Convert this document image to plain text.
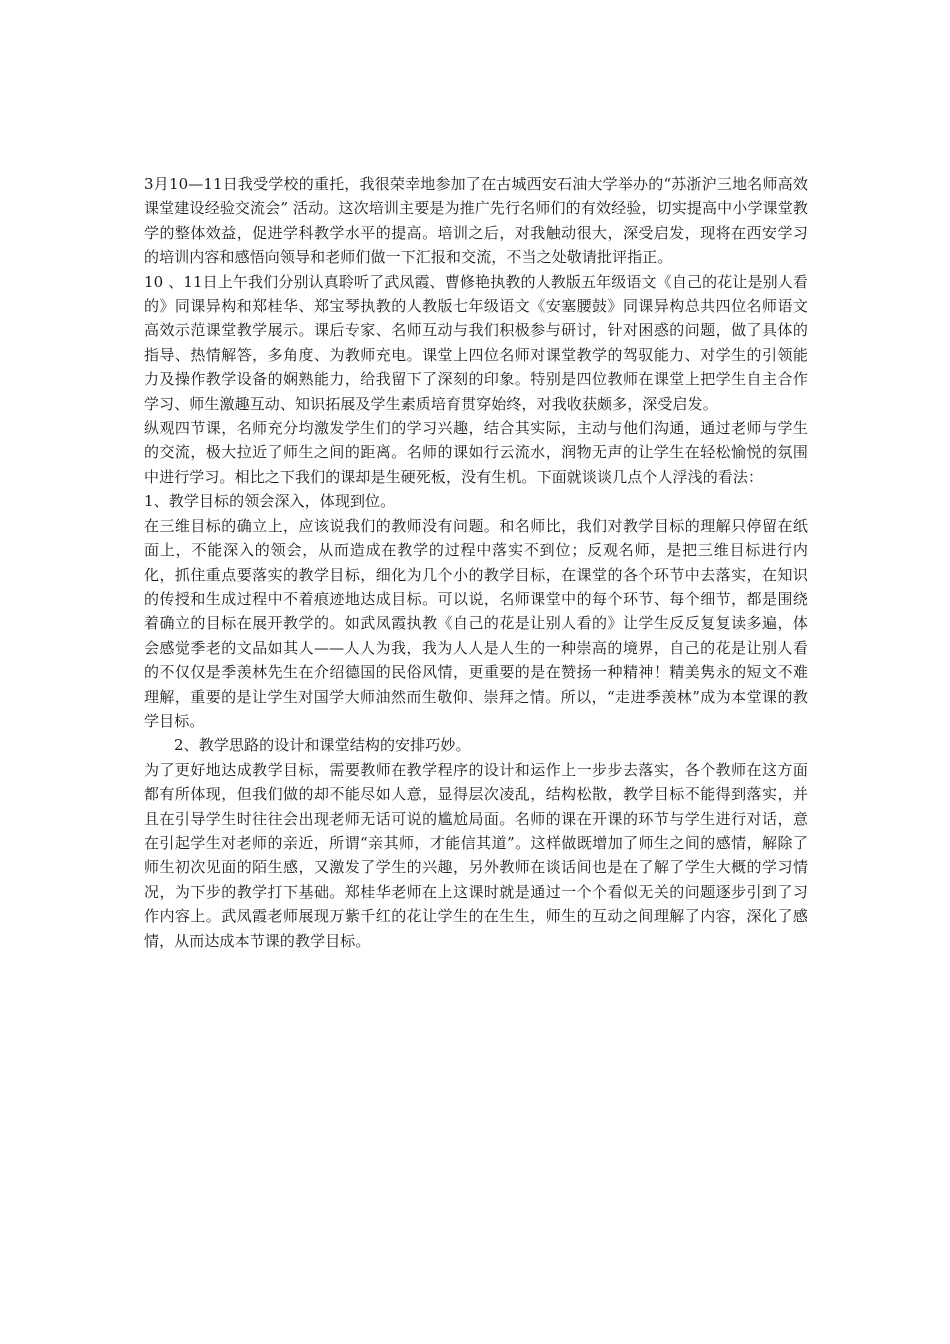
3月10—11日我受学校的重托，我很荣幸地参加了在古城西安石油大学举办的“苏浙沪三地名师高效课堂建设经验交流会” 活动。这次培训主要是为推广先行名师们的有效经验，切实提高中小学课堂教学的整体效益，促进学科教学水平的提高。培训之后，对我触动很大，深受启发，现将在西安学习的培训内容和感悟向领导和老师们做一下汇报和交流，不当之处敬请批评指正。

10 、11日上午我们分别认真聆听了武凤霞、曹修艳执教的人教版五年级语文《自己的花让是别人看的》同课异构和郑桂华、郑宝琴执教的人教版七年级语文《安塞腰鼓》同课异构总共四位名师语文高效示范课堂教学展示。课后专家、名师互动与我们积极参与研讨，针对困惑的问题，做了具体的指导、热情解答，多角度、为教师充电。课堂上四位名师对课堂教学的驾驭能力、对学生的引领能力及操作教学设备的娴熟能力，给我留下了深刻的印象。特别是四位教师在课堂上把学生自主合作学习、师生激趣互动、知识拓展及学生素质培育贯穿始终，对我收获颇多，深受启发。

纵观四节课，名师充分均激发学生们的学习兴趣，结合其实际，主动与他们沟通，通过老师与学生的交流，极大拉近了师生之间的距离。名师的课如行云流水，润物无声的让学生在轻松愉悦的氛围中进行学习。相比之下我们的课却是生硬死板，没有生机。下面就谈谈几点个人浮浅的看法：

1、教学目标的领会深入，体现到位。

在三维目标的确立上，应该说我们的教师没有问题。和名师比，我们对教学目标的理解只停留在纸面上，不能深入的领会，从而造成在教学的过程中落实不到位；反观名师，是把三维目标进行内化，抓住重点要落实的教学目标，细化为几个小的教学目标，在课堂的各个环节中去落实，在知识的传授和生成过程中不着痕迹地达成目标。可以说，名师课堂中的每个环节、每个细节，都是围绕着确立的目标在展开教学的。如武凤霞执教《自己的花是让别人看的》让学生反反复复读多遍，体会感觉季老的文品如其人——人人为我，我为人人是人生的一种崇高的境界，自己的花是让别人看的不仅仅是季羡林先生在介绍德国的民俗风情，更重要的是在赞扬一种精神！精美隽永的短文不难理解，重要的是让学生对国学大师油然而生敬仰、崇拜之情。所以，“走进季羡林”成为本堂课的教学目标。

2、教学思路的设计和课堂结构的安排巧妙。

为了更好地达成教学目标，需要教师在教学程序的设计和运作上一步步去落实，各个教师在这方面都有所体现，但我们做的却不能尽如人意，显得层次凌乱，结构松散，教学目标不能得到落实，并且在引导学生时往往会出现老师无话可说的尴尬局面。名师的课在开课的环节与学生进行对话，意在引起学生对老师的亲近，所谓“亲其师，才能信其道”。这样做既增加了师生之间的感情，解除了师生初次见面的陌生感，又激发了学生的兴趣，另外教师在谈话间也是在了解了学生大概的学习情况，为下步的教学打下基础。郑桂华老师在上这课时就是通过一个个看似无关的问题逐步引到了习作内容上。武凤霞老师展现万紫千红的花让学生的在生生，师生的互动之间理解了内容，深化了感情，从而达成本节课的教学目标。
